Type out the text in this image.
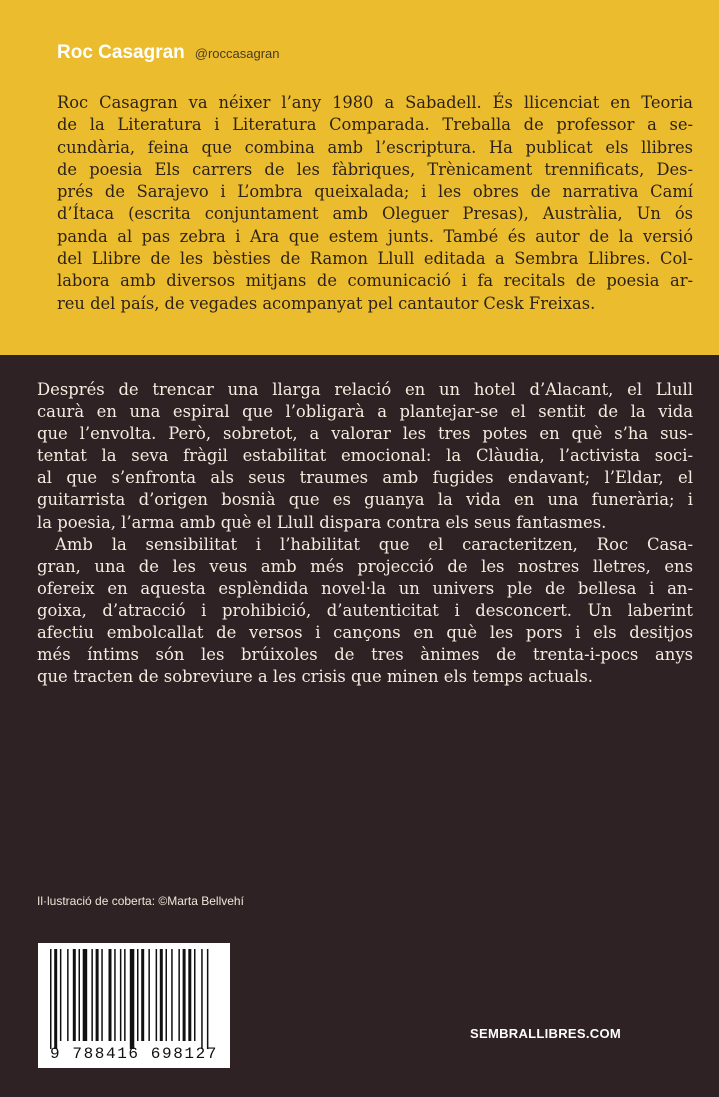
Roc Casagran @roccasagran
Roc Casagran va néixer l’any 1980 a Sabadell. És llicenciat en Teoria
de la Literatura i Literatura Comparada. Treballa de professor a se-
cundària, feina que combina amb l’escriptura. Ha publicat els llibres
de poesia Els carrers de les fàbriques, Trènicament trennificats, Des-
prés de Sarajevo i L’ombra queixalada; i les obres de narrativa Camí
d’Ítaca (escrita conjuntament amb Oleguer Presas), Austràlia, Un ós
panda al pas zebra i Ara que estem junts. També és autor de la versió
del Llibre de les bèsties de Ramon Llull editada a Sembra Llibres. Col-
labora amb diversos mitjans de comunicació i fa recitals de poesia ar-
reu del país, de vegades acompanyat pel cantautor Cesk Freixas.
Després de trencar una llarga relació en un hotel d’Alacant, el Llull
caurà en una espiral que l’obligarà a plantejar-se el sentit de la vida
que l’envolta. Però, sobretot, a valorar les tres potes en què s’ha sus-
tentat la seva fràgil estabilitat emocional: la Clàudia, l’activista soci-
al que s’enfronta als seus traumes amb fugides endavant; l’Eldar, el
guitarrista d’origen bosnià que es guanya la vida en una funerària; i
la poesia, l’arma amb què el Llull dispara contra els seus fantasmes.
Amb la sensibilitat i l’habilitat que el caracteritzen, Roc Casa-
gran, una de les veus amb més projecció de les nostres lletres, ens
ofereix en aquesta esplèndida novel·la un univers ple de bellesa i an-
goixa, d’atracció i prohibició, d’autenticitat i desconcert. Un laberint
afectiu embolcallat de versos i cançons en què les pors i els desitjos
més íntims són les brúixoles de tres ànimes de trenta-i-pocs anys
que tracten de sobreviure a les crisis que minen els temps actuals.
Il·lustració de coberta: ©Marta Bellvehí
9 788416 698127
SEMBRALLIBRES.COM
